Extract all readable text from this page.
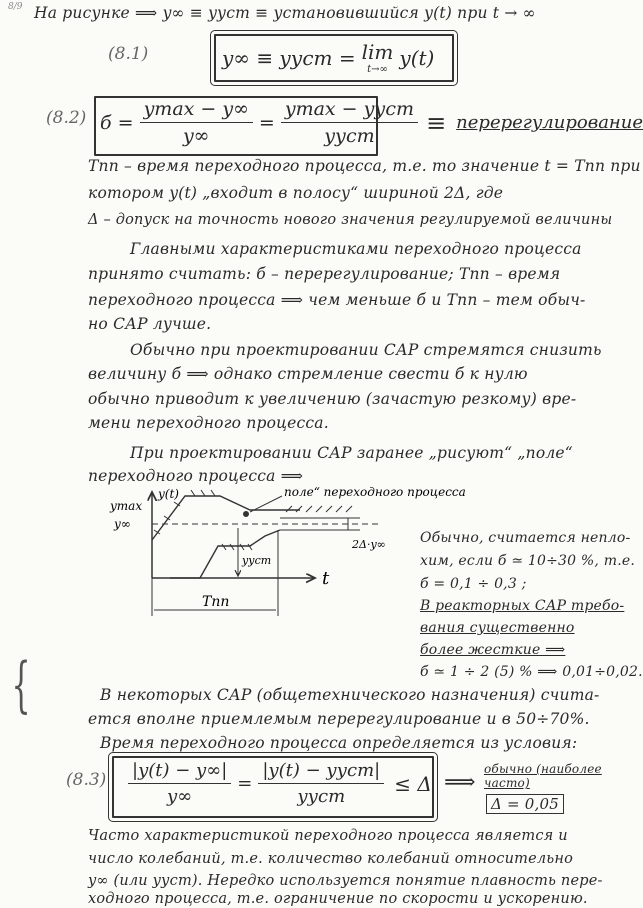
8/9
{
На рисунке ⟹ y∞ ≡ yуст ≡ установившийся y(t) при t → ∞
(8.1)	y∞ ≡ yуст = lim
t→∞ y(t)
(8.2) $б = \frac{ymax - y\infty}{y\infty} = \frac{\text{ymax − yуст}}{\text{yуст}}$ ≡ перерегулирование
Tпп – время переходного процесса, т.е. то значение t = Tпп при
котором y(t) „входит в полосу“ шириной 2Δ, где
Δ – допуск на точность нового значения регулируемой величины
Главными характеристиками переходного процесса
принято считать: б – перерегулирование; Tпп – время
переходного процесса ⟹ чем меньше б и Tпп – тем обыч-
но САР лучше.
Обычно при проектировании САР стремятся снизить
величину б ⟹ однако стремление свести б к нулю
обычно приводит к увеличению (зачастую резкому) вре-
мени переходного процесса.
При проектировании САР заранее „рисуют“ „поле“
переходного процесса ⟹
y(t)
ymax
y∞
t
yуст
поле“ переходного процесса
2Δ·y∞
Tпп
Обычно, считается непло-
хим, если б ≃ 10÷30 %, т.е.
б = 0,1 ÷ 0,3 ;
В реакторных САР требо-
вания существенно
более жесткие ⟹
б ≃ 1 ÷ 2 (5) % ⟹ 0,01÷0,02.
В некоторых САР (общетехнического назначения) счита-
ется вполне приемлемым перерегулирование и в 50÷70%.
Время переходного процесса определяется из условия:
$(8.3) \frac{|y(t) - y\infty|}{y\infty} = \frac{\text{|y(t) − yуст|}}{\text{yуст}} \le \Delta$ ⟹
обычно (наиболее часто)
Δ = 0,05
Часто характеристикой переходного процесса является и
число колебаний, т.е. количество колебаний относительно
y∞ (или yуст). Нередко используется понятие плавность пере-
ходного процесса, т.е. ограничение по скорости и ускорению.
